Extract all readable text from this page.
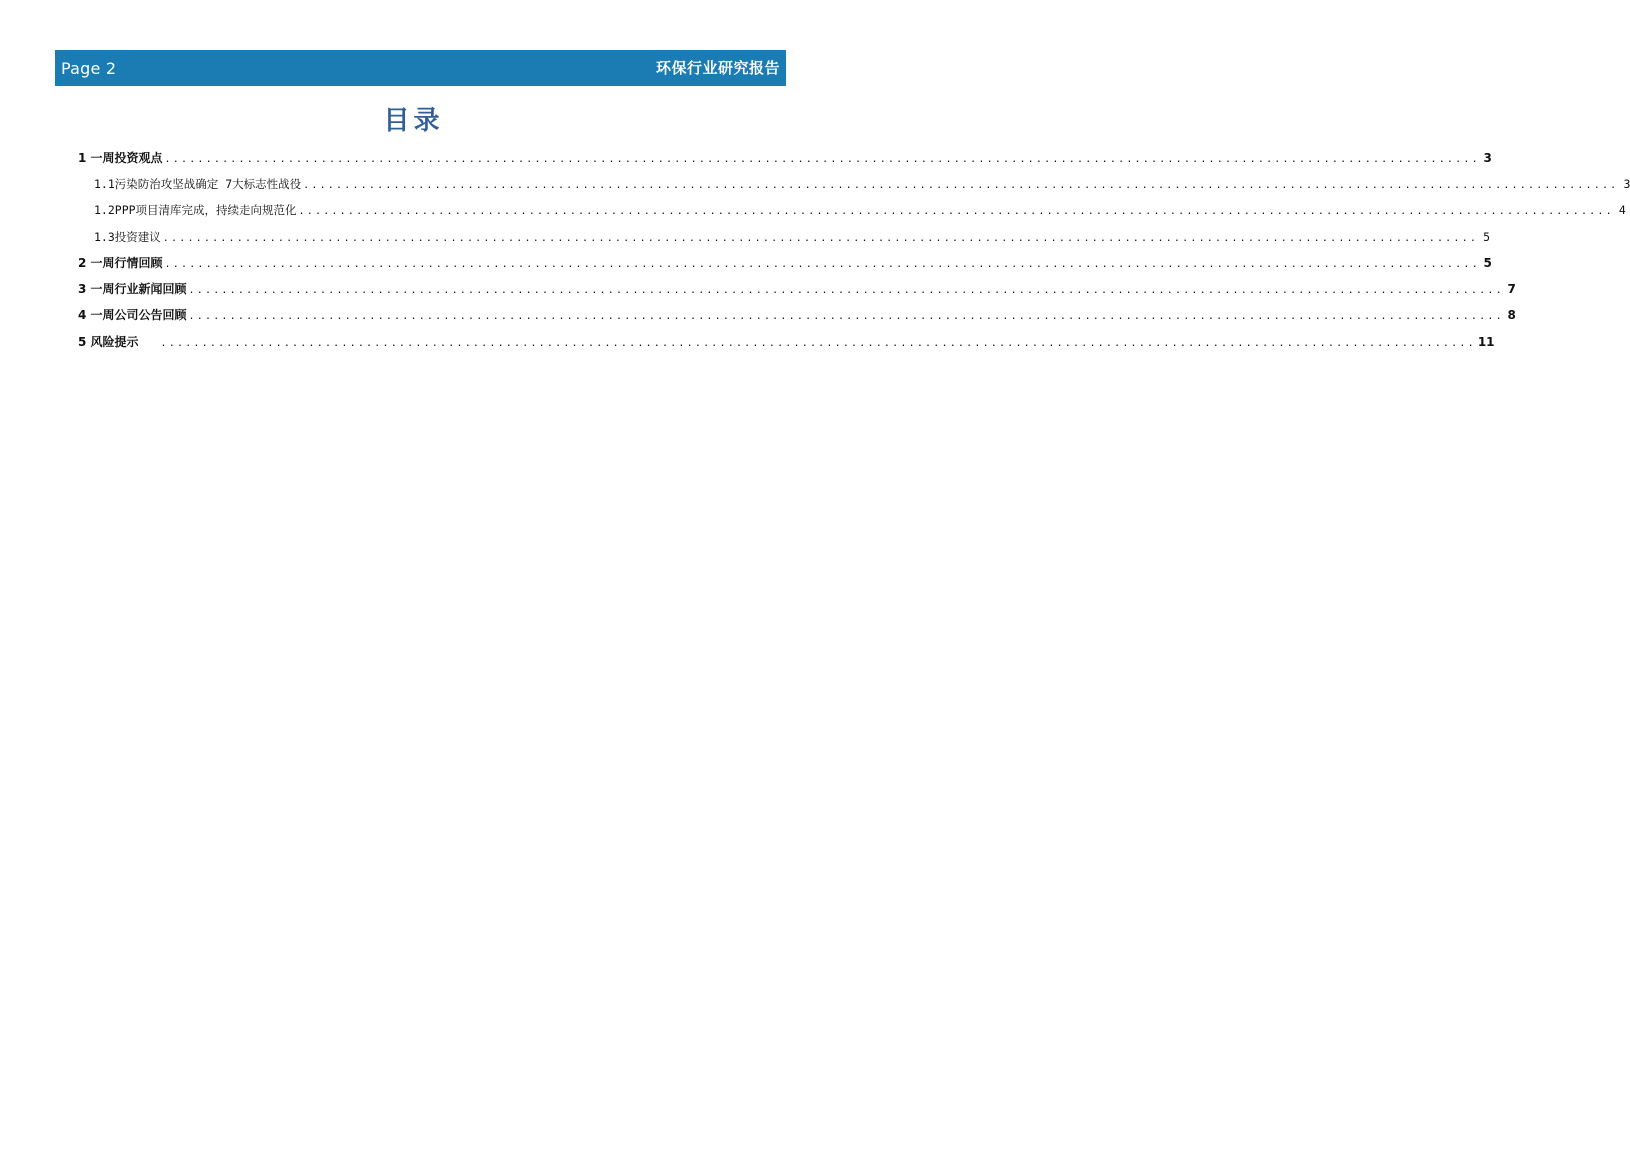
Page 2	环保行业研究报告
目录
1 一周投资观点 ................................................................................................................................................................ 3
1.1污染防治攻坚战确定 7大标志性战役 ................................................................................................................................................................ 3
1.2PPP项目清库完成，持续走向规范化 ................................................................................................................................................................ 4
1.3投资建议 ................................................................................................................................................................ 5
2 一周行情回顾 ................................................................................................................................................................ 5
3 一周行业新闻回顾 ................................................................................................................................................................ 7
4 一周公司公告回顾 ................................................................................................................................................................ 8
5 风险提示 ................................................................................................................................................................ 11
